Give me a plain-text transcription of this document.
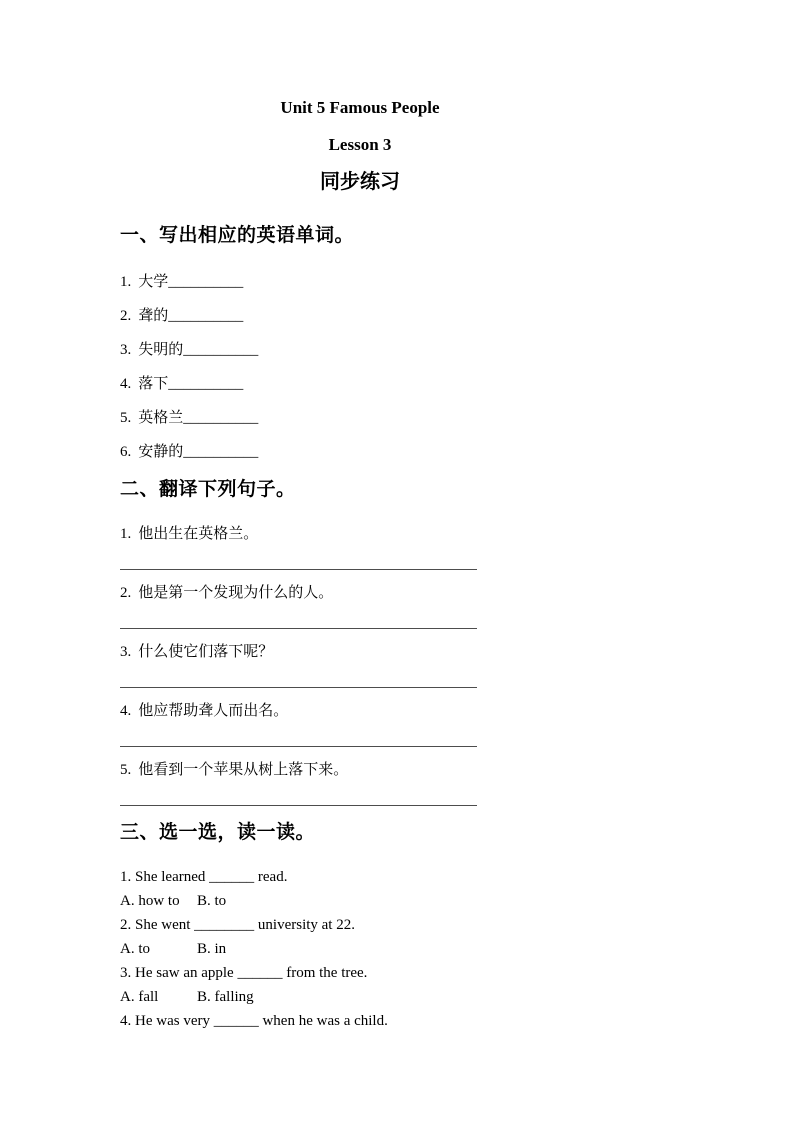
Unit 5 Famous People
Lesson 3
同步练习
一、写出相应的英语单词。
1. 大学__________
2. 聋的__________
3. 失明的__________
4. 落下__________
5. 英格兰__________
6. 安静的__________
二、翻译下列句子。
1. 他出生在英格兰。
2. 他是第一个发现为什么的人。
3. 什么使它们落下呢？
4. 他应帮助聋人而出名。
5. 他看到一个苹果从树上落下来。
三、选一选，读一读。
1. She learned ______ read.
A. how to B. to
2. She went ________ university at 22.
A. to	B. in
3. He saw an apple ______ from the tree.
A. fall	B. falling
4. He was very ______ when he was a child.
